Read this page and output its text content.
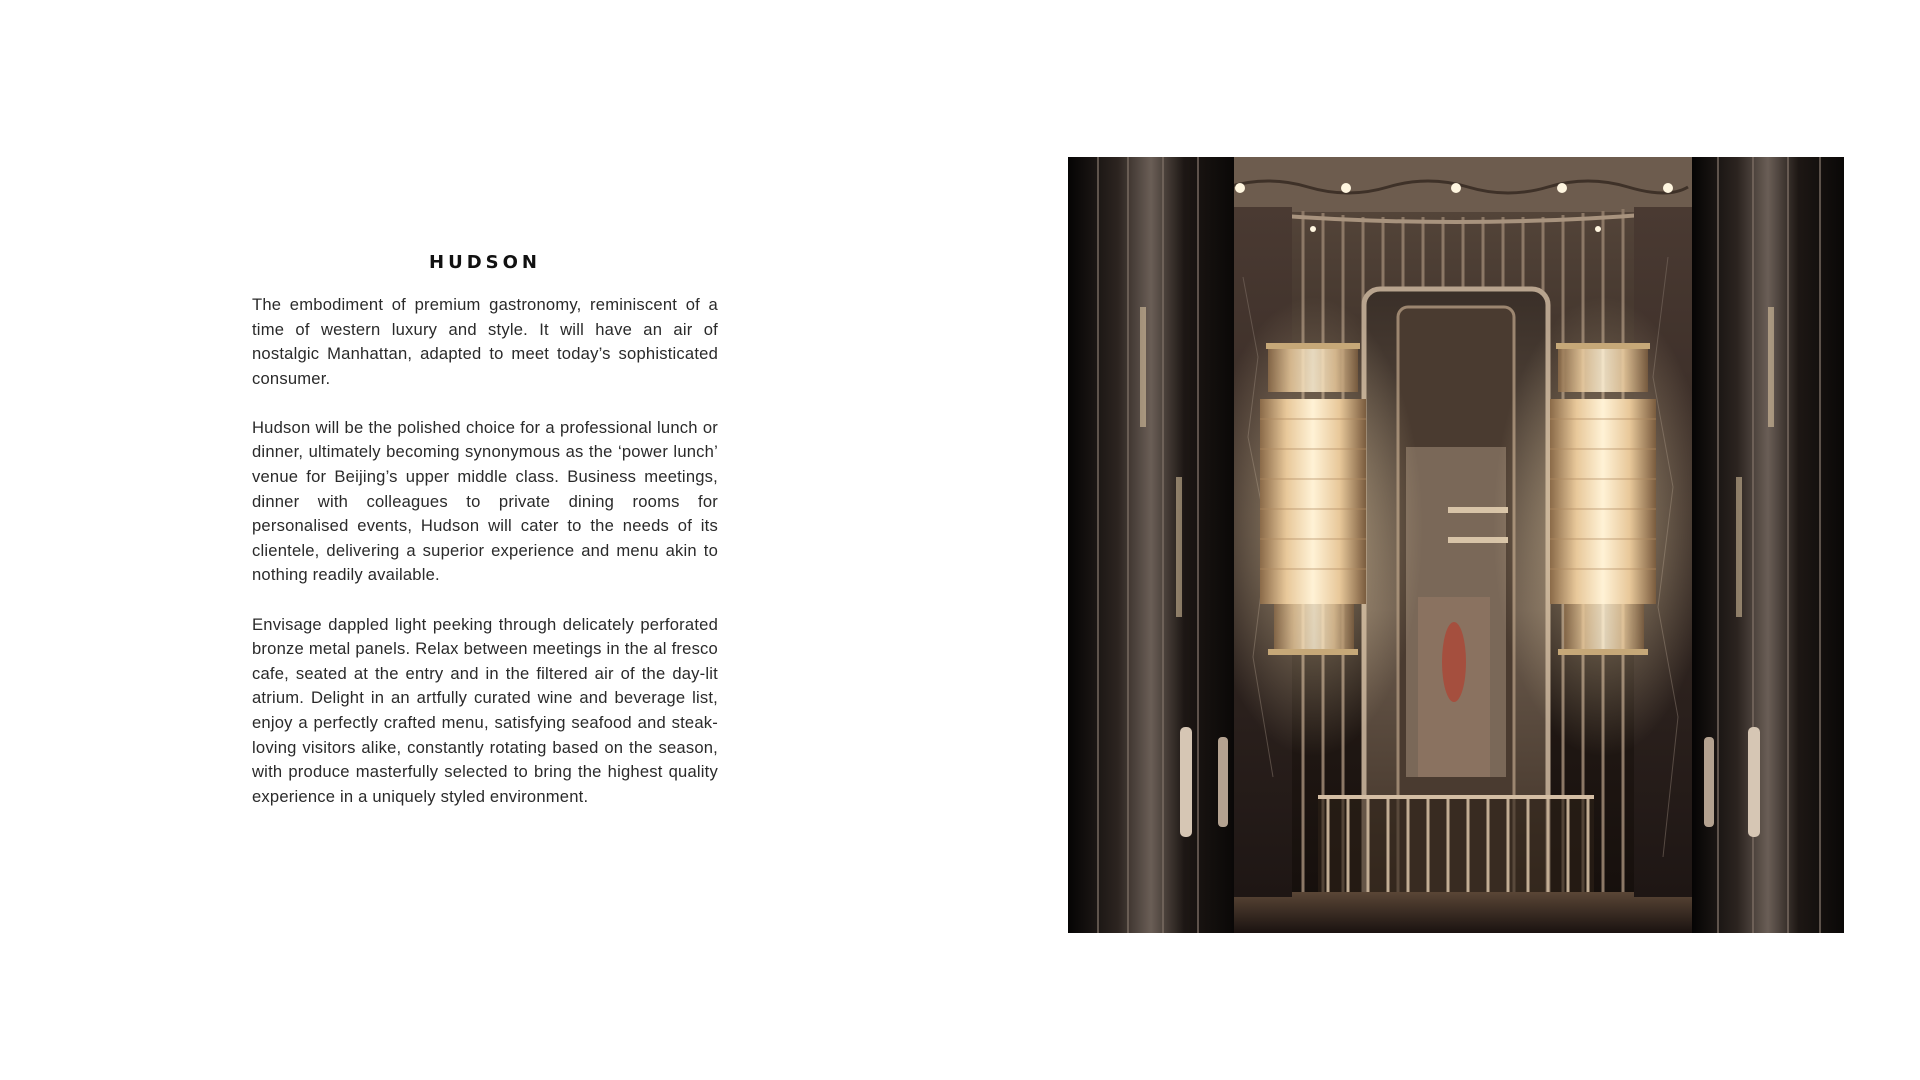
HUDSON

The embodiment of premium gastronomy, reminiscent of a time of western luxury and style. It will have an air of nostalgic Manhattan, adapted to meet today’s sophisticated consumer.

Hudson will be the polished choice for a professional lunch or dinner, ultimately becoming synonymous as the ‘power lunch’ venue for Beijing’s upper middle class. Business meetings, dinner with colleagues to private dining rooms for personalised events, Hudson will cater to the needs of its clientele, delivering a superior experience and menu akin to nothing readily available.

Envisage dappled light peeking through delicately perforated bronze metal panels. Relax between meetings in the al fresco cafe, seated at the entry and in the filtered air of the day-lit atrium. Delight in an artfully curated wine and beverage list, enjoy a perfectly crafted menu, satisfying seafood and steak-loving visitors alike, constantly rotating based on the season, with produce masterfully selected to bring the highest quality experience in a uniquely styled environment.
